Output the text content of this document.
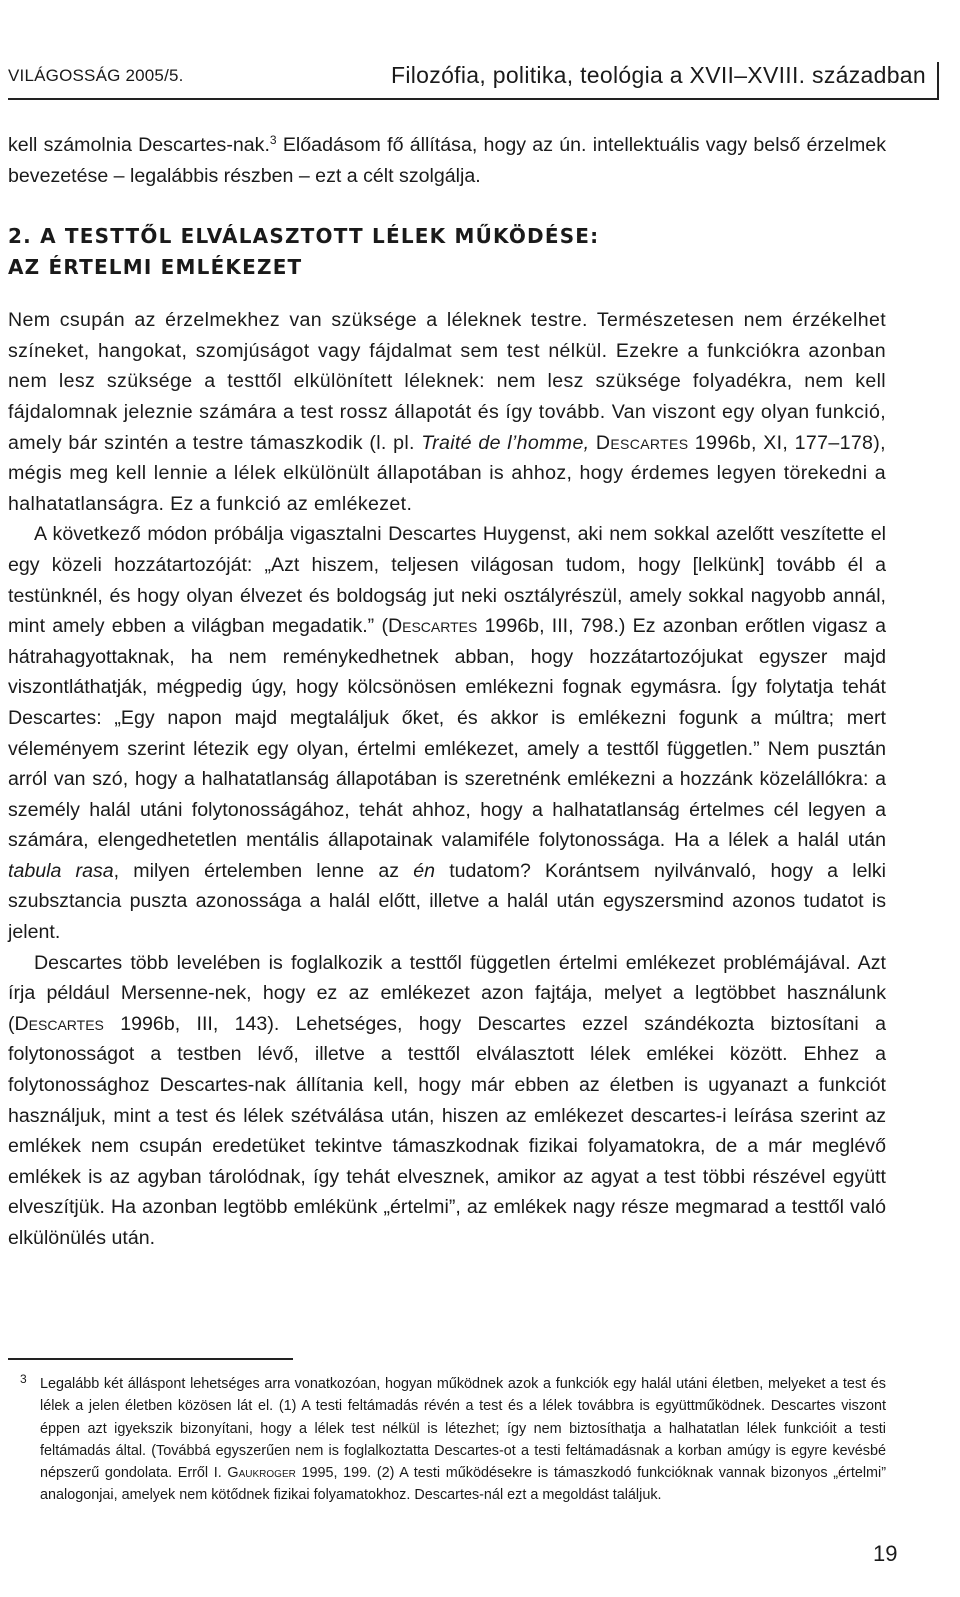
VILÁGOSSÁG 2005/5.	Filozófia, politika, teológia a XVII–XVIII. században

kell számolnia Descartes-nak.$^3$ Előadásom fő állítása, hogy az ún. intellektuális vagy belső érzelmek bevezetése – legalábbis részben – ezt a célt szolgálja.

2. A TESTTŐL ELVÁLASZTOTT LÉLEK MŰKÖDÉSE:
AZ ÉRTELMI EMLÉKEZET

Nem csupán az érzelmekhez van szüksége a léleknek testre. Természetesen nem érzékelhet színeket, hangokat, szomjúságot vagy fájdalmat sem test nélkül. Ezekre a funkciókra azonban nem lesz szüksége a testtől elkülönített léleknek: nem lesz szüksége folyadékra, nem kell fájdalomnak jeleznie számára a test rossz állapotát és így tovább. Van viszont egy olyan funkció, amely bár szintén a testre támaszkodik (l. pl. Traité de l’homme, Descartes 1996b, XI, 177–178), mégis meg kell lennie a lélek elkülönült állapotában is ahhoz, hogy érdemes legyen törekedni a halhatatlanságra. Ez a funkció az emlékezet.

A következő módon próbálja vigasztalni Descartes Huygenst, aki nem sokkal azelőtt veszítette el egy közeli hozzátartozóját: „Azt hiszem, teljesen világosan tudom, hogy [lelkünk] tovább él a testünknél, és hogy olyan élvezet és boldogság jut neki osztályrészül, amely sokkal nagyobb annál, mint amely ebben a világban megadatik.” (Descartes 1996b, III, 798.) Ez azonban erőtlen vigasz a hátrahagyottaknak, ha nem reménykedhetnek abban, hogy hozzátartozójukat egyszer majd viszontláthatják, mégpedig úgy, hogy kölcsönösen emlékezni fognak egymásra. Így folytatja tehát Descartes: „Egy napon majd megtaláljuk őket, és akkor is emlékezni fogunk a múltra; mert véleményem szerint létezik egy olyan, értelmi emlékezet, amely a testtől független.” Nem pusztán arról van szó, hogy a halhatatlanság állapotában is szeretnénk emlékezni a hozzánk közelállókra: a személy halál utáni folytonosságához, tehát ahhoz, hogy a halhatatlanság értelmes cél legyen a számára, elengedhetetlen mentális állapotainak valamiféle folytonossága. Ha a lélek a halál után tabula rasa, milyen értelemben lenne az én tudatom? Korántsem nyilvánvaló, hogy a lelki szubsztancia puszta azonossága a halál előtt, illetve a halál után egyszersmind azonos tudatot is jelent.

Descartes több levelében is foglalkozik a testtől független értelmi emlékezet problémájával. Azt írja például Mersenne-nek, hogy ez az emlékezet azon fajtája, melyet a legtöbbet használunk (Descartes 1996b, III, 143). Lehetséges, hogy Descartes ezzel szándékozta biztosítani a folytonosságot a testben lévő, illetve a testtől elválasztott lélek emlékei között. Ehhez a folytonossághoz Descartes-nak állítania kell, hogy már ebben az életben is ugyanazt a funkciót használjuk, mint a test és lélek szétválása után, hiszen az emlékezet descartes-i leírása szerint az emlékek nem csupán eredetüket tekintve támaszkodnak fizikai folyamatokra, de a már meglévő emlékek is az agyban tárolódnak, így tehát elvesznek, amikor az agyat a test többi részével együtt elveszítjük. Ha azonban legtöbb emlékünk „értelmi”, az emlékek nagy része megmarad a testtől való elkülönülés után.

3 Legalább két álláspont lehetséges arra vonatkozóan, hogyan működnek azok a funkciók egy halál utáni életben, melyeket a test és lélek a jelen életben közösen lát el. (1) A testi feltámadás révén a test és a lélek továbbra is együttműködnek. Descartes viszont éppen azt igyekszik bizonyítani, hogy a lélek test nélkül is létezhet; így nem biztosíthatja a halhatatlan lélek funkcióit a testi feltámadás által. (Továbbá egyszerűen nem is foglalkoztatta Descartes-ot a testi feltámadásnak a korban amúgy is egyre kevésbé népszerű gondolata. Erről I. Gaukroger 1995, 199. (2) A testi működésekre is támaszkodó funkcióknak vannak bizonyos „értelmi” analogonjai, amelyek nem kötődnek fizikai folyamatokhoz. Descartes-nál ezt a megoldást találjuk.

19
